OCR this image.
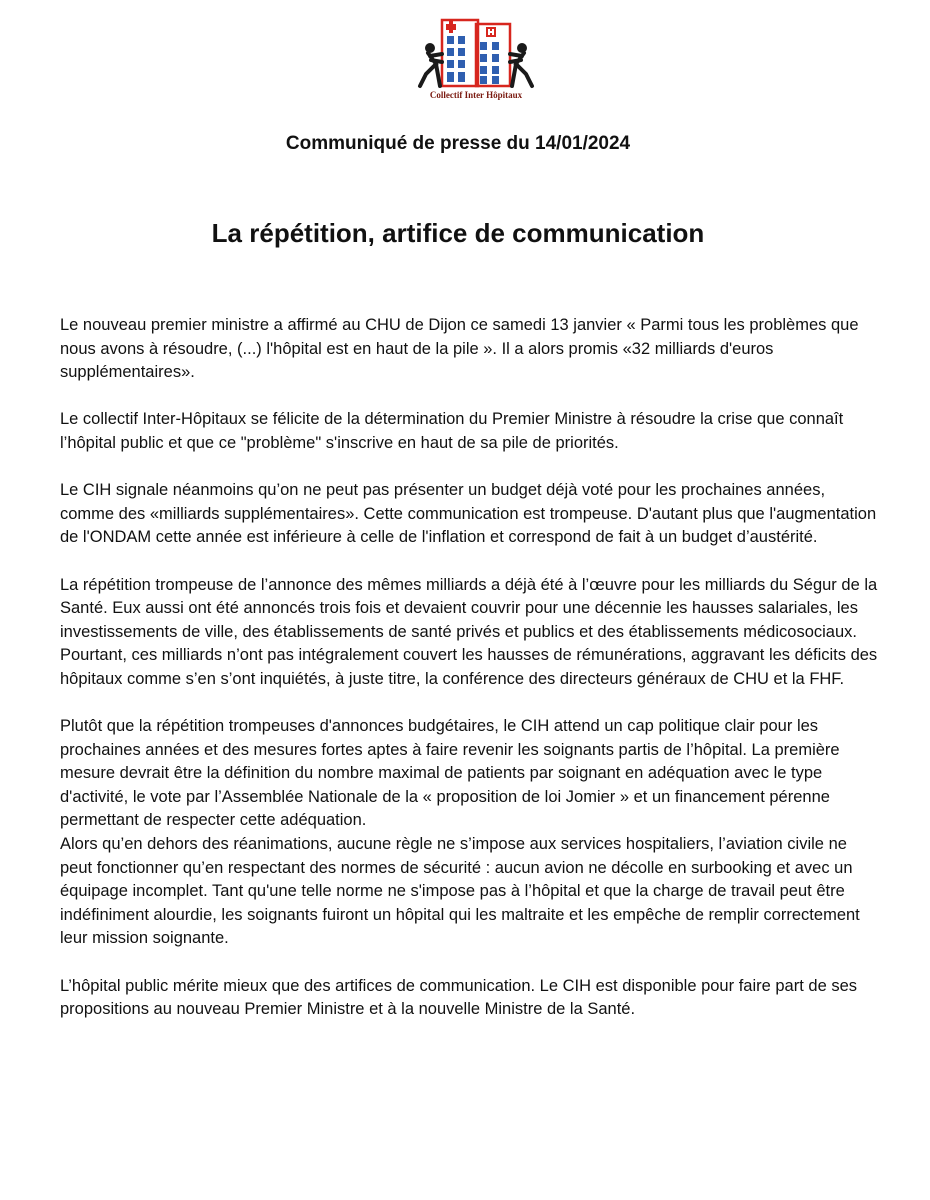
Collectif Inter Hôpitaux
Communiqué de presse du 14/01/2024
La répétition, artifice de communication

Le nouveau premier ministre a affirmé au CHU de Dijon ce samedi 13 janvier « Parmi tous les problèmes que nous avons à résoudre, (...) l'hôpital est en haut de la pile ». Il a alors promis «32 milliards d'euros supplémentaires».

Le collectif Inter-Hôpitaux se félicite de la détermination du Premier Ministre à résoudre la crise que connaît l’hôpital public et que ce "problème" s'inscrive en haut de sa pile de priorités.

Le CIH signale néanmoins qu’on ne peut pas présenter un budget déjà voté pour les prochaines années, comme des «milliards supplémentaires». Cette communication est trompeuse. D'autant plus que l'augmentation de l'ONDAM cette année est inférieure à celle de l'inflation et correspond de fait à un budget d’austérité.

La répétition trompeuse de l’annonce des mêmes milliards a déjà été à l’œuvre pour les milliards du Ségur de la Santé. Eux aussi ont été annoncés trois fois et devaient couvrir pour une décennie les hausses salariales, les investissements de ville, des établissements de santé privés et publics et des établissements médicosociaux. Pourtant, ces milliards n’ont pas intégralement couvert les hausses de rémunérations, aggravant les déficits des hôpitaux comme s’en s’ont inquiétés, à juste titre, la conférence des directeurs généraux de CHU et la FHF.

Plutôt que la répétition trompeuses d'annonces budgétaires, le CIH attend un cap politique clair pour les prochaines années et des mesures fortes aptes à faire revenir les soignants partis de l’hôpital. La première mesure devrait être la définition du nombre maximal de patients par soignant en adéquation avec le type d'activité, le vote par l’Assemblée Nationale de la « proposition de loi Jomier » et un financement pérenne permettant de respecter cette adéquation.

Alors qu’en dehors des réanimations, aucune règle ne s’impose aux services hospitaliers, l’aviation civile ne peut fonctionner qu’en respectant des normes de sécurité : aucun avion ne décolle en surbooking et avec un équipage incomplet. Tant qu'une telle norme ne s'impose pas à l’hôpital et que la charge de travail peut être indéfiniment alourdie, les soignants fuiront un hôpital qui les maltraite et les empêche de remplir correctement leur mission soignante.

L’hôpital public mérite mieux que des artifices de communication. Le CIH est disponible pour faire part de ses propositions au nouveau Premier Ministre et à la nouvelle Ministre de la Santé.
